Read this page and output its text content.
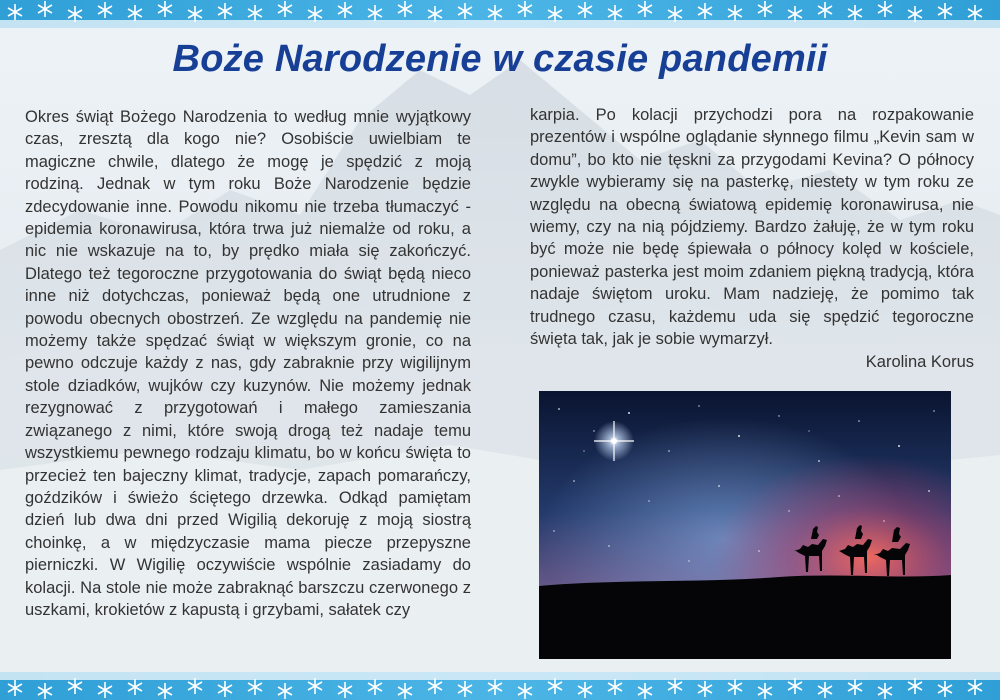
Boże Narodzenie w czasie pandemii

Okres świąt Bożego Narodzenia to według mnie wyjątkowy czas, zresztą dla kogo nie? Osobiście uwielbiam te magiczne chwile, dlatego że mogę je spędzić z moją rodziną. Jednak w tym roku Boże Narodzenie będzie zdecydowanie inne. Powodu nikomu nie trzeba tłumaczyć - epidemia koronawirusa, która trwa już niemalże od roku, a nic nie wskazuje na to, by prędko miała się zakończyć. Dlatego też tegoroczne przygotowania do świąt będą nieco inne niż dotychczas, ponieważ będą one utrudnione z powodu obecnych obostrzeń. Ze względu na pandemię nie możemy także spędzać świąt w większym gronie, co na pewno odczuje każdy z nas, gdy zabraknie przy wigilijnym stole dziadków, wujków czy kuzynów. Nie możemy jednak rezygnować z przygotowań i małego zamieszania związanego z nimi, które swoją drogą też nadaje temu wszystkiemu pewnego rodzaju klimatu, bo w końcu święta to przecież ten bajeczny klimat, tradycje, zapach pomarańczy, goździków i świeżo ściętego drzewka. Odkąd pamiętam dzień lub dwa dni przed Wigilią dekoruję z moją siostrą choinkę, a w międzyczasie mama piecze przepyszne pierniczki. W Wigilię oczywiście wspólnie zasiadamy do kolacji. Na stole nie może zabraknąć barszczu czerwonego z uszkami, krokietów z kapustą i grzybami, sałatek czy

karpia. Po kolacji przychodzi pora na rozpakowanie prezentów i wspólne oglądanie słynnego filmu „Kevin sam w domu”, bo kto nie tęskni za przygodami Kevina? O północy zwykle wybieramy się na pasterkę, niestety w tym roku ze względu na obecną światową epidemię koronawirusa, nie wiemy, czy na nią pójdziemy. Bardzo żałuję, że w tym roku być może nie będę śpiewała o północy kolęd w kościele, ponieważ pasterka jest moim zdaniem piękną tradycją, która nadaje świętom uroku. Mam nadzieję, że pomimo tak trudnego czasu, każdemu uda się spędzić tegoroczne święta tak, jak je sobie wymarzył.

Karolina Korus
